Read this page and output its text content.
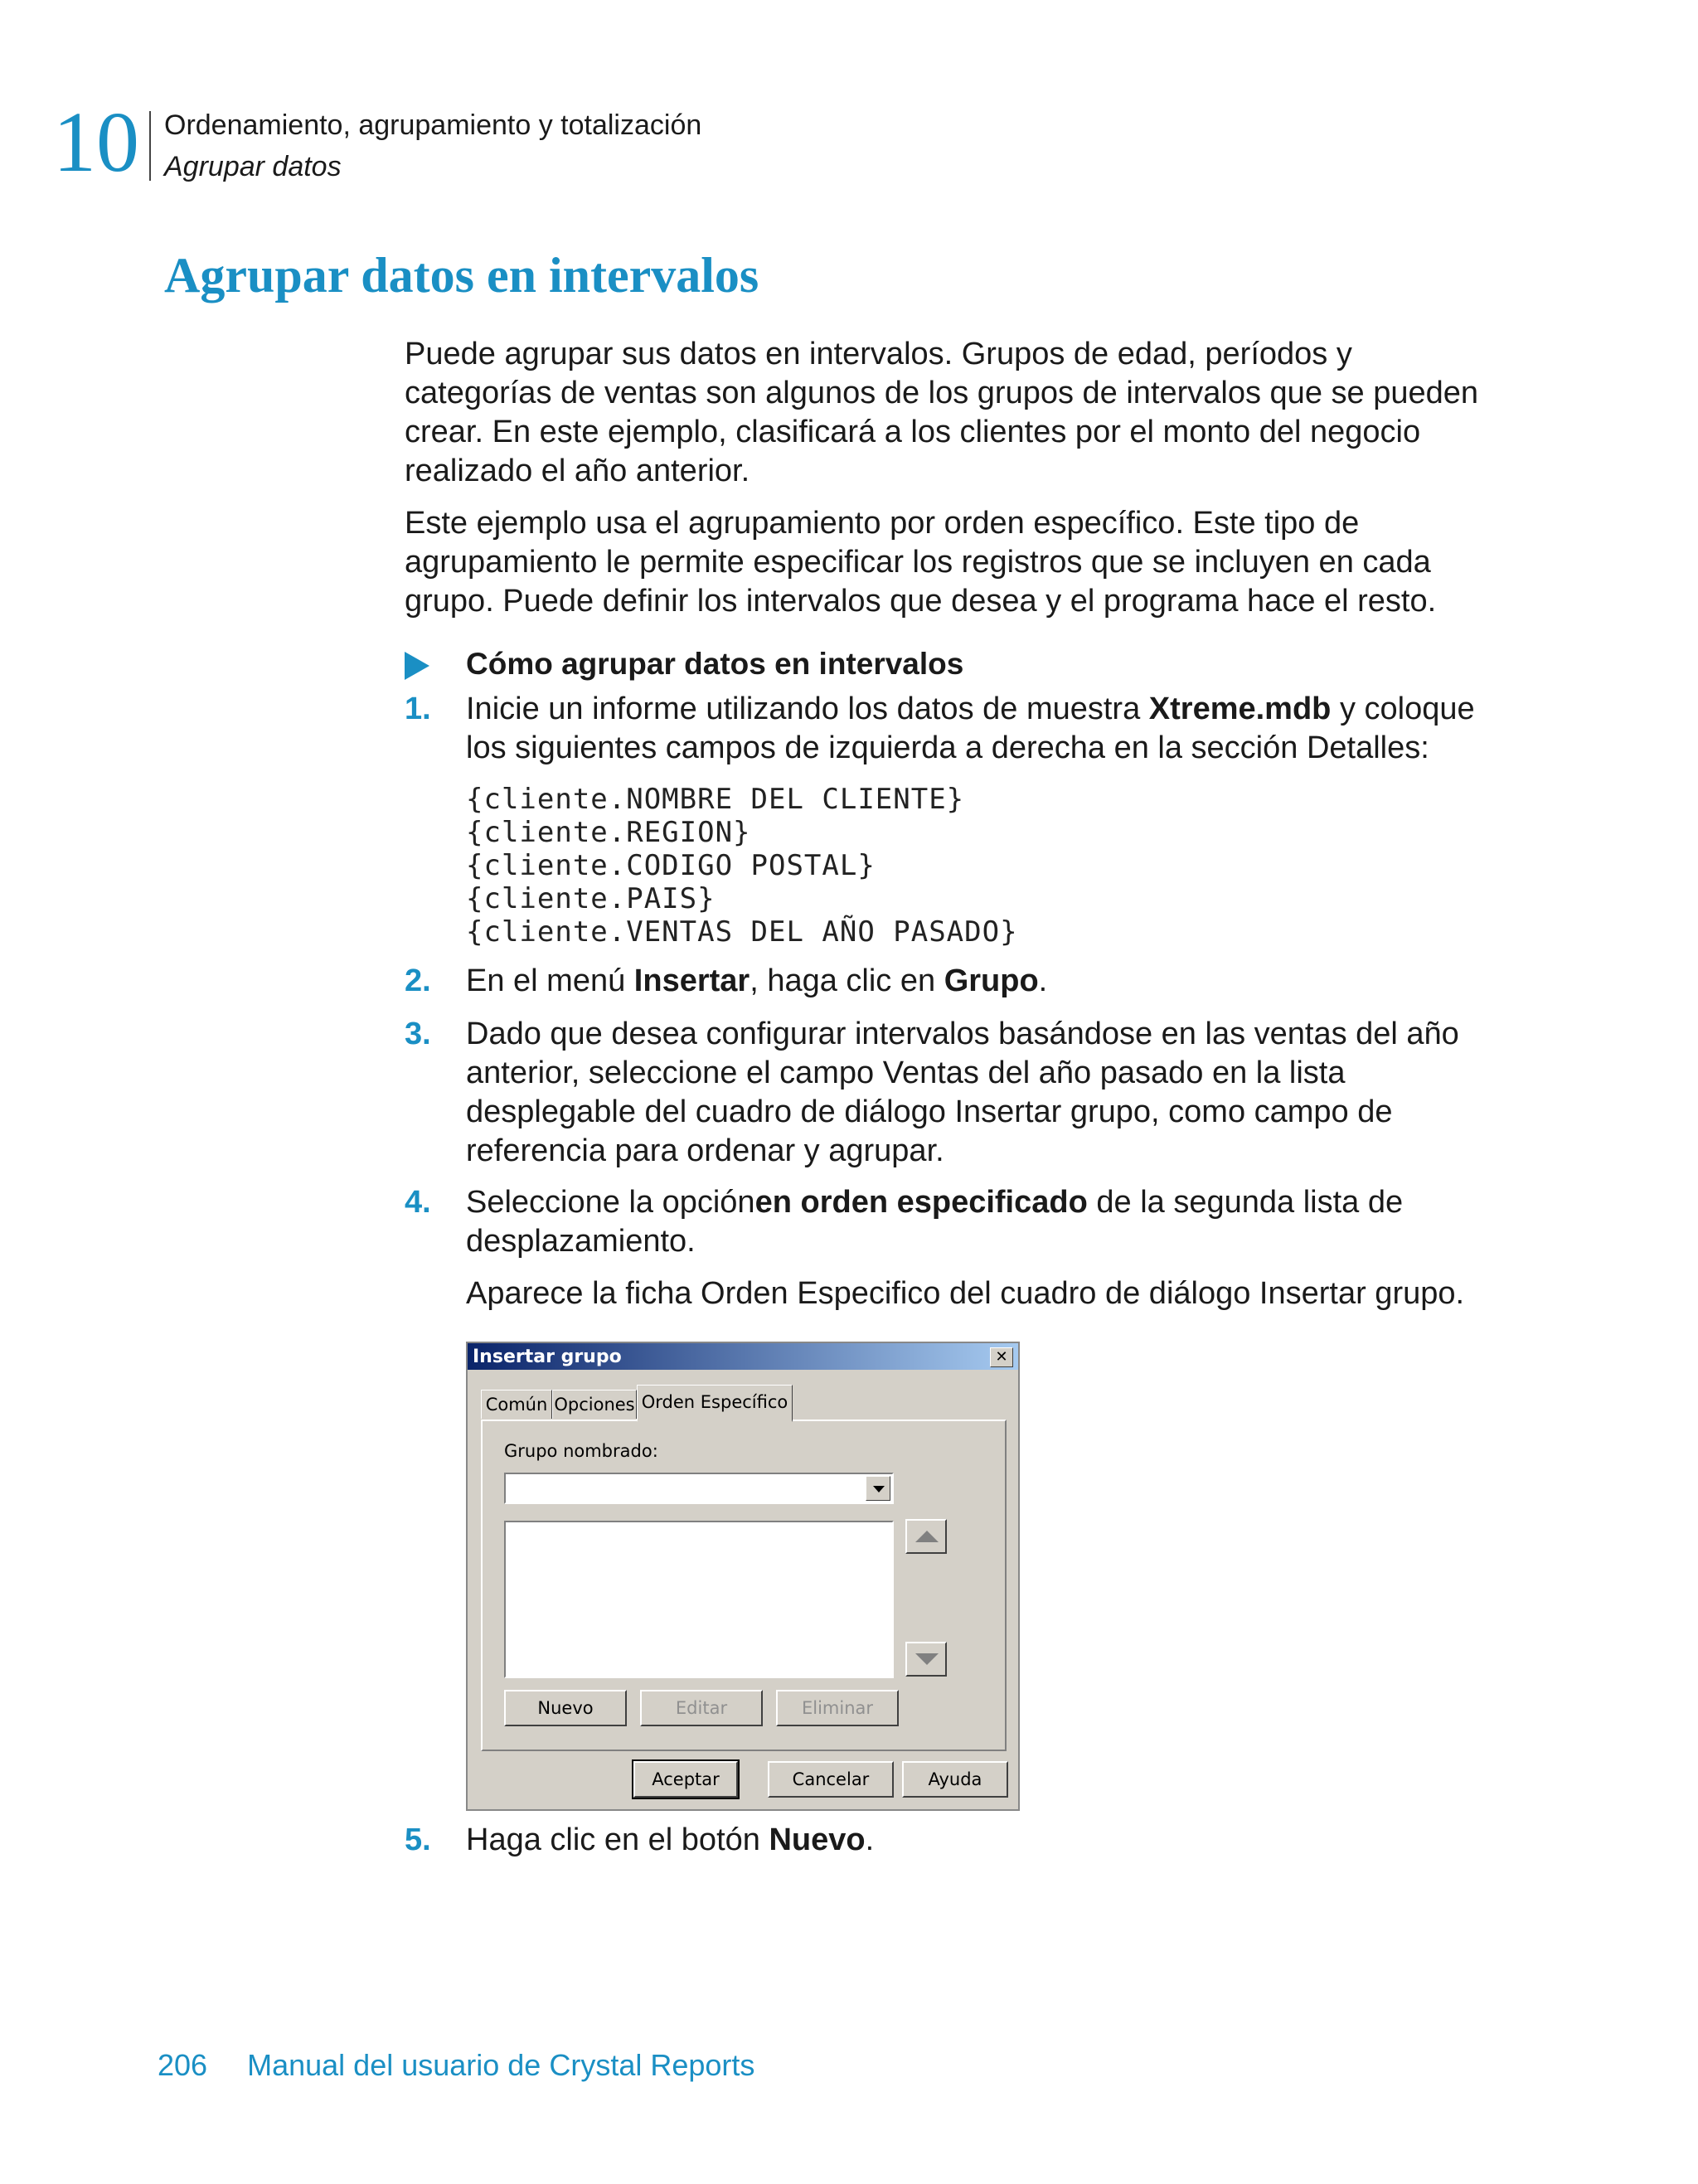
10 Ordenamiento, agrupamiento y totalización
Agrupar datos
Agrupar datos en intervalos

Puede agrupar sus datos en intervalos. Grupos de edad, períodos y categorías de ventas son algunos de los grupos de intervalos que se pueden crear. En este ejemplo, clasificará a los clientes por el monto del negocio realizado el año anterior.

Este ejemplo usa el agrupamiento por orden específico. Este tipo de agrupamiento le permite especificar los registros que se incluyen en cada grupo. Puede definir los intervalos que desea y el programa hace el resto.

Cómo agrupar datos en intervalos
1. Inicie un informe utilizando los datos de muestra Xtreme.mdb y coloque los siguientes campos de izquierda a derecha en la sección Detalles:
{cliente.NOMBRE DEL CLIENTE}
{cliente.REGION}
{cliente.CODIGO POSTAL}
{cliente.PAIS}
{cliente.VENTAS DEL AÑO PASADO}
2. En el menú Insertar, haga clic en Grupo.
3. Dado que desea configurar intervalos basándose en las ventas del año anterior, seleccione el campo Ventas del año pasado en la lista desplegable del cuadro de diálogo Insertar grupo, como campo de referencia para ordenar y agrupar.
4. Seleccione la opciónen orden especificado de la segunda lista de desplazamiento.
Aparece la ficha Orden Especifico del cuadro de diálogo Insertar grupo.
Insertar grupo	✕
Común Opciones Orden Específico
Grupo nombrado:
Nuevo	Editar	Eliminar
Aceptar	Cancelar	Ayuda
5. Haga clic en el botón Nuevo.
206 Manual del usuario de Crystal Reports
